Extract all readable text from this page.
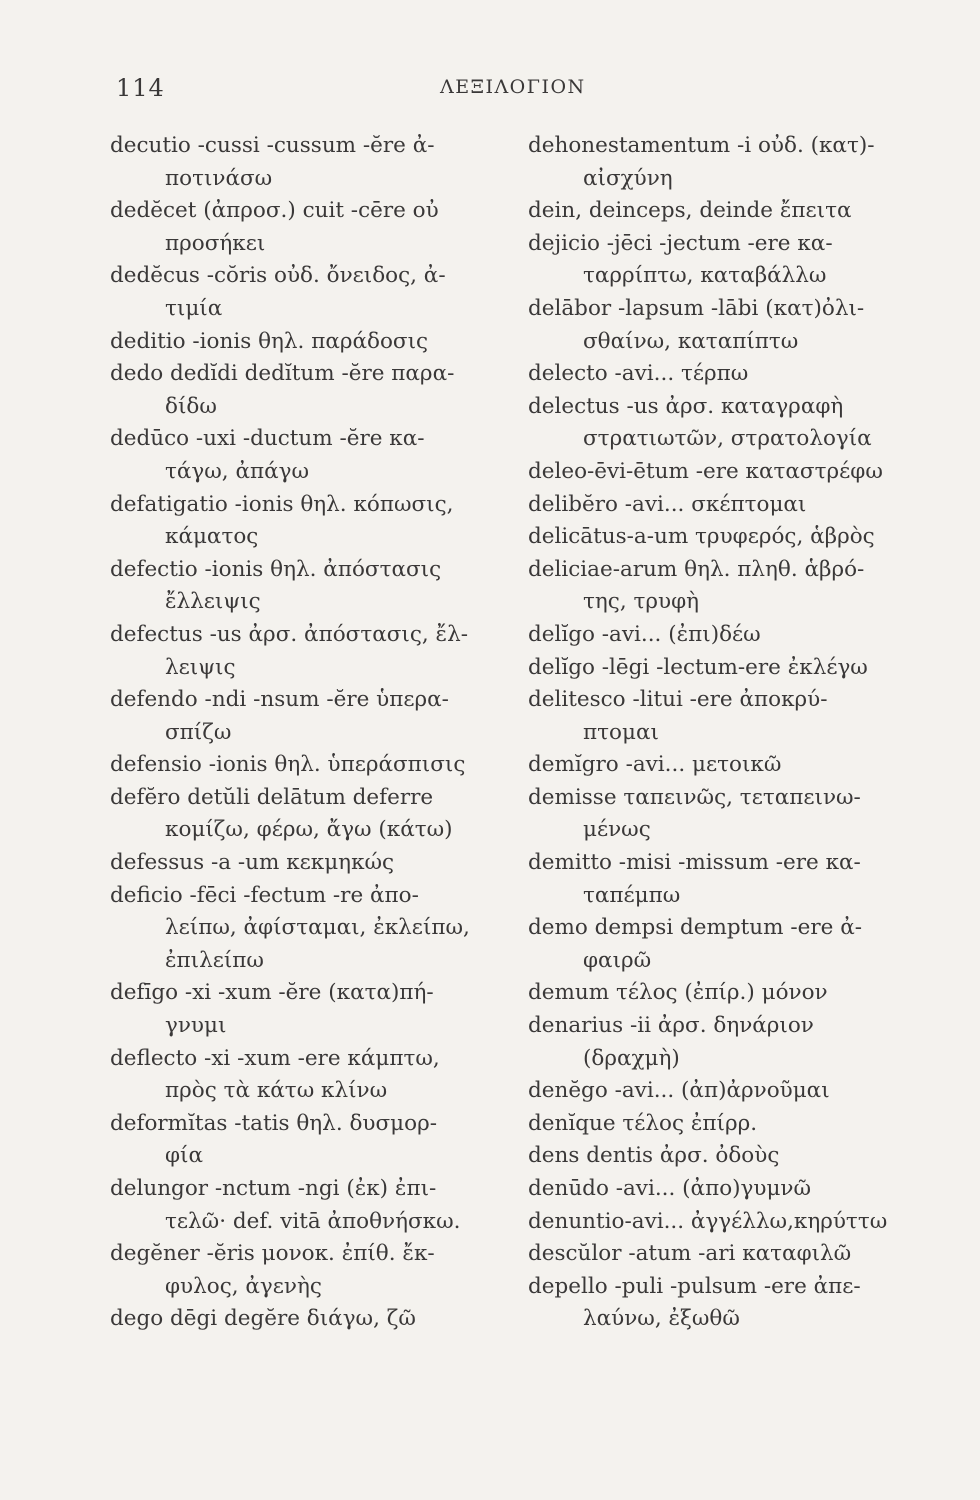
114	ΛΕΞΙΛΟΓΙΟΝ
decutio -cussi -cussum -ĕre ἀ-
ποτινάσω
dedĕcet (ἀπροσ.) cuit -cēre οὐ
προσήκει
dedĕcus -cŏris οὐδ. ὄνειδος, ἀ-
τιμία
deditio -ionis θηλ. παράδοσις
dedo dedĭdi dedĭtum -ĕre παρα-
δίδω
dedūco -uxi -ductum -ĕre κα-
τάγω, ἀπάγω
defatigatio -ionis θηλ. κόπωσις,
κάματος
defectio -ionis θηλ. ἀπόστασις
ἔλλειψις
defectus -us ἀρσ. ἀπόστασις, ἔλ-
λειψις
defendo -ndi -nsum -ĕre ὑπερα-
σπίζω
defensio -ionis θηλ. ὑπεράσπισις
defĕro detŭli delātum deferre
κομίζω, φέρω, ἄγω (κάτω)
defessus -a -um κεκμηκώς
deficio -fēci -fectum -re ἀπο-
λείπω, ἀφίσταμαι, ἐκλείπω,
ἐπιλείπω
defīgo -xi -xum -ĕre (κατα)πή-
γνυμι
deflecto -xi -xum -ere κάμπτω,
πρὸς τὰ κάτω κλίνω
deformĭtas -tatis θηλ. δυσμορ-
φία
delungor -nctum -ngi (ἐκ) ἐπι-
τελῶ· def. vitā ἀποθνήσκω.
degĕner -ĕris μονοκ. ἐπίθ. ἔκ-
φυλος, ἀγενὴς
dego dēgi degĕre διάγω, ζῶ
dehonestamentum -i οὐδ. (κατ)-
αἰσχύνη
dein, deinceps, deinde ἔπειτα
dejicio -jēci -jectum -ere κα-
ταρρίπτω, καταβάλλω
delābor -lapsum -lābi (κατ)ὀλι-
σθαίνω, καταπίπτω
delecto -avi... τέρπω
delectus -us ἀρσ. καταγραφὴ
στρατιωτῶν, στρατολογία
deleo-ēvi-ētum -ere καταστρέφω
delibĕro -avi... σκέπτομαι
delicātus-a-um τρυφερός, ἁβρὸς
deliciae-arum θηλ. πληθ. ἁβρό-
της, τρυφὴ
delĭgo -avi... (ἐπι)δέω
delĭgo -lēgi -lectum-ere ἐκλέγω
delitesco -litui -ere ἀποκρύ-
πτομαι
demĭgro -avi... μετοικῶ
demisse ταπεινῶς, τεταπεινω-
μένως
demitto -misi -missum -ere κα-
ταπέμπω
demo dempsi demptum -ere ἀ-
φαιρῶ
demum τέλος (ἐπίρ.) μόνον
denarius -ii ἀρσ. δηνάριον
(δραχμὴ)
denĕgo -avi... (ἀπ)ἀρνοῦμαι
denĭque τέλος ἐπίρρ.
dens dentis ἀρσ. ὀδοὺς
denūdo -avi... (ἀπο)γυμνῶ
denuntio-avi... ἀγγέλλω,κηρύττω
descŭlor -atum -ari καταφιλῶ
depello -puli -pulsum -ere ἀπε-
λαύνω, ἐξωθῶ
